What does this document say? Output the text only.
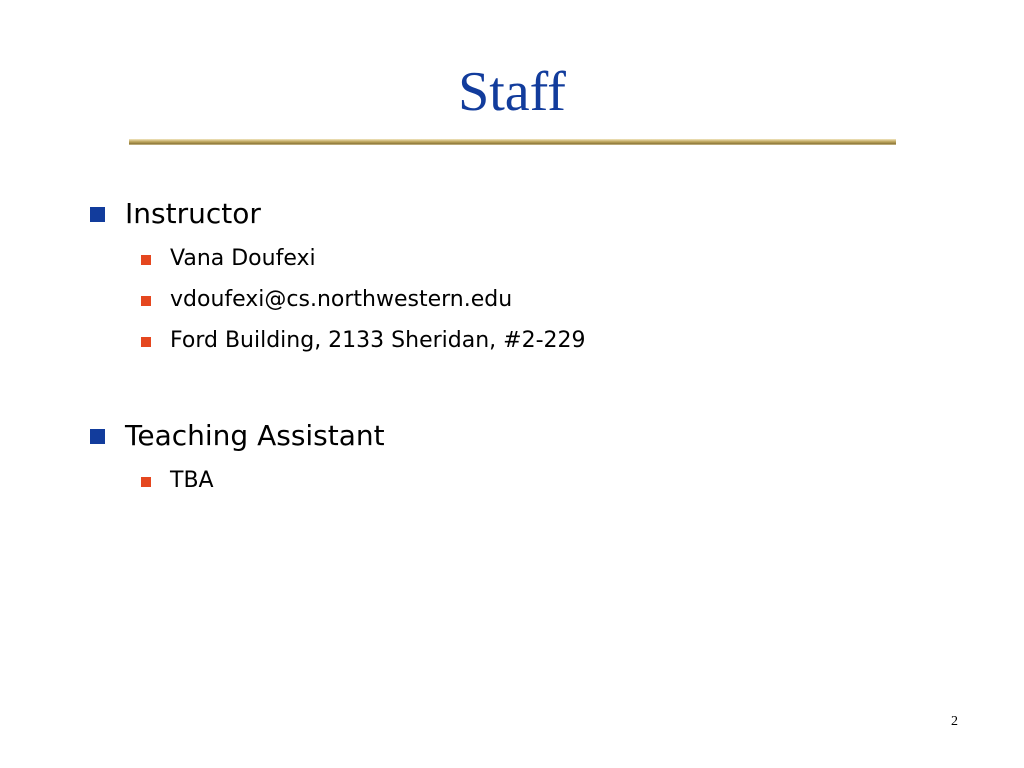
Staff
Instructor
Vana Doufexi
vdoufexi@cs.northwestern.edu
Ford Building, 2133 Sheridan, #2-229
Teaching Assistant
TBA
2
